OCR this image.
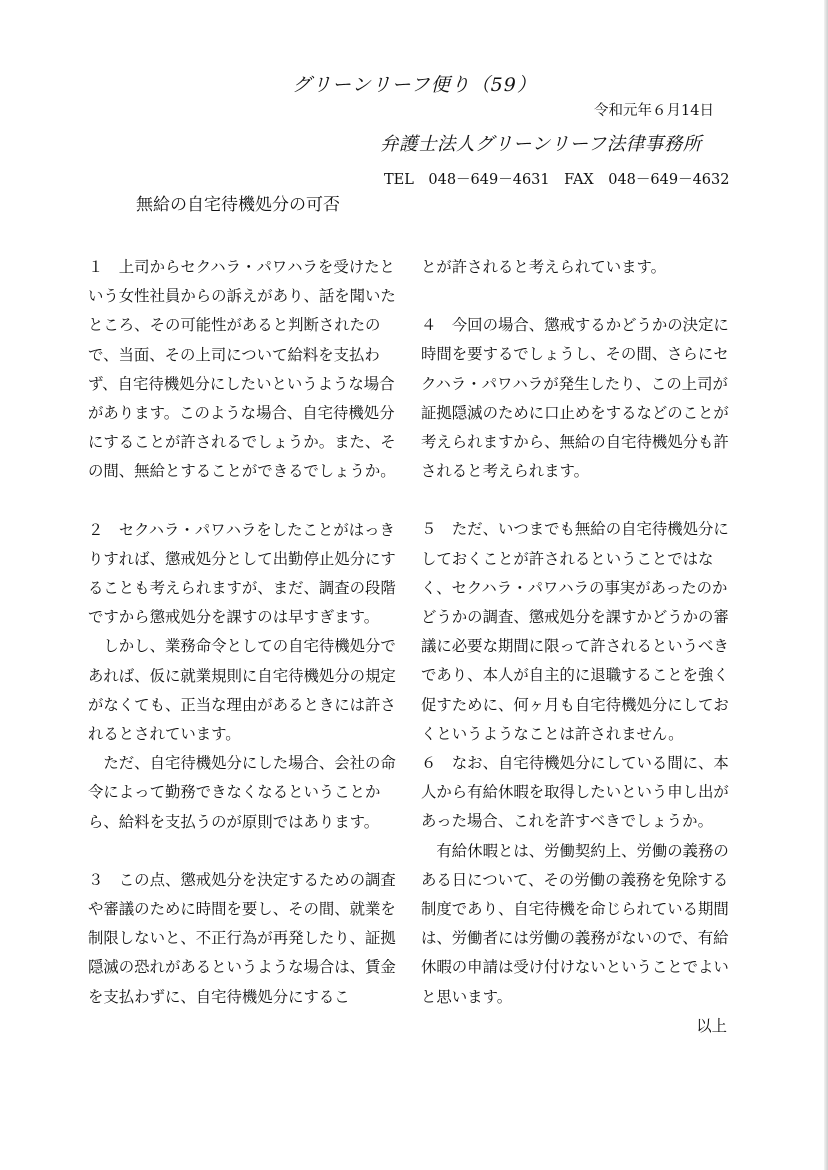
グリーンリーフ便り（59）
令和元年６月14日
弁護士法人グリーンリーフ法律事務所
TEL　048－649－4631　FAX　048－649－4632
無給の自宅待機処分の可否

１　上司からセクハラ・パワハラを受けたという女性社員からの訴えがあり、話を聞いたところ、その可能性があると判断されたので、当面、その上司について給料を支払わず、自宅待機処分にしたいというような場合があります。このような場合、自宅待機処分にすることが許されるでしょうか。また、その間、無給とすることができるでしょうか。

２　セクハラ・パワハラをしたことがはっきりすれば、懲戒処分として出勤停止処分にすることも考えられますが、まだ、調査の段階ですから懲戒処分を課すのは早すぎます。

　しかし、業務命令としての自宅待機処分であれば、仮に就業規則に自宅待機処分の規定がなくても、正当な理由があるときには許されるとされています。

　ただ、自宅待機処分にした場合、会社の命令によって勤務できなくなるということから、給料を支払うのが原則ではあります。

３　この点、懲戒処分を決定するための調査や審議のために時間を要し、その間、就業を制限しないと、不正行為が再発したり、証拠隠滅の恐れがあるというような場合は、賃金を支払わずに、自宅待機処分にするこ

とが許されると考えられています。

４　今回の場合、懲戒するかどうかの決定に時間を要するでしょうし、その間、さらにセクハラ・パワハラが発生したり、この上司が証拠隠滅のために口止めをするなどのことが考えられますから、無給の自宅待機処分も許されると考えられます。

５　ただ、いつまでも無給の自宅待機処分にしておくことが許されるということではなく、セクハラ・パワハラの事実があったのかどうかの調査、懲戒処分を課すかどうかの審議に必要な期間に限って許されるというべきであり、本人が自主的に退職することを強く促すために、何ヶ月も自宅待機処分にしておくというようなことは許されません。

６　なお、自宅待機処分にしている間に、本人から有給休暇を取得したいという申し出があった場合、これを許すべきでしょうか。

　有給休暇とは、労働契約上、労働の義務のある日について、その労働の義務を免除する制度であり、自宅待機を命じられている期間は、労働者には労働の義務がないので、有給休暇の申請は受け付けないということでよいと思います。

以上
